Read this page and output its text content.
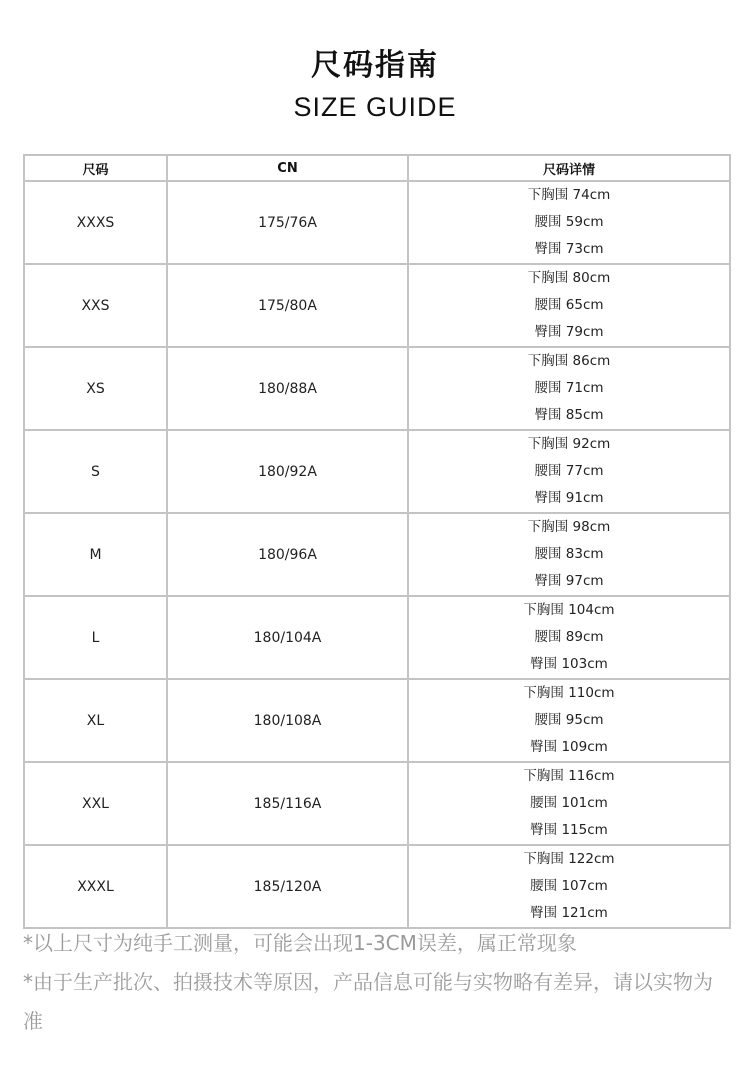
尺码指南
SIZE GUIDE
尺码	CN	尺码详情
XXXS	175/76A	下胸围 74cm
腰围 59cm
臀围 73cm

XXS	175/80A	下胸围 80cm
腰围 65cm
臀围 79cm

XS	180/88A	下胸围 86cm
腰围 71cm
臀围 85cm

S	180/92A	下胸围 92cm
腰围 77cm
臀围 91cm

M	180/96A	下胸围 98cm
腰围 83cm
臀围 97cm

L	180/104A	下胸围 104cm
腰围 89cm
臀围 103cm

XL	180/108A	下胸围 110cm
腰围 95cm
臀围 109cm

XXL	185/116A	下胸围 116cm
腰围 101cm
臀围 115cm

XXXL	185/120A	下胸围 122cm
腰围 107cm
臀围 121cm

*以上尺寸为纯手工测量，可能会出现1-3CM误差，属正常现象

*由于生产批次、拍摄技术等原因，产品信息可能与实物略有差异，请以实物为准
